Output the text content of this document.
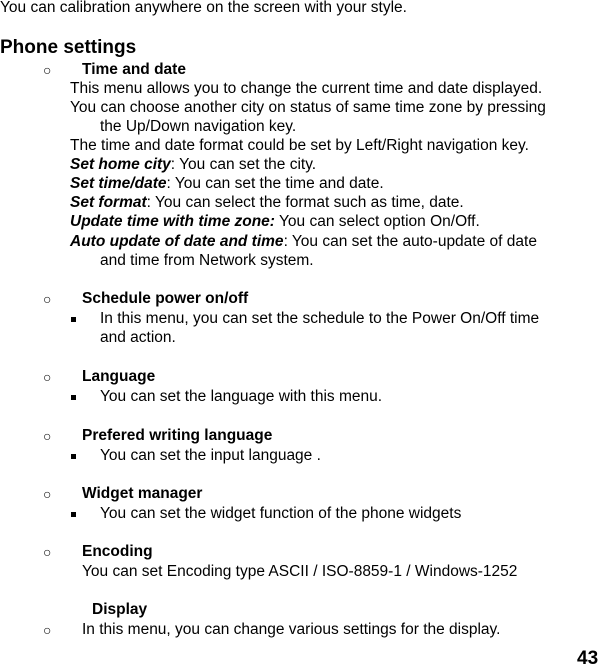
You can calibration anywhere on the screen with your style.
Phone settings
○ Time and date
This menu allows you to change the current time and date displayed.
You can choose another city on status of same time zone by pressing
the Up/Down navigation key.
The time and date format could be set by Left/Right navigation key.
Set home city: You can set the city.
Set time/date: You can set the time and date.
Set format: You can select the format such as time, date.
Update time with time zone: You can select option On/Off.
Auto update of date and time: You can set the auto-update of date
and time from Network system.
○ Schedule power on/off
In this menu, you can set the schedule to the Power On/Off time
and action.
○ Language
You can set the language with this menu.
○ Prefered writing language
You can set the input language .
○ Widget manager
You can set the widget function of the phone widgets
○ Encoding
You can set Encoding type ASCII / ISO-8859-1 / Windows-1252
Display
○ In this menu, you can change various settings for the display.
43
